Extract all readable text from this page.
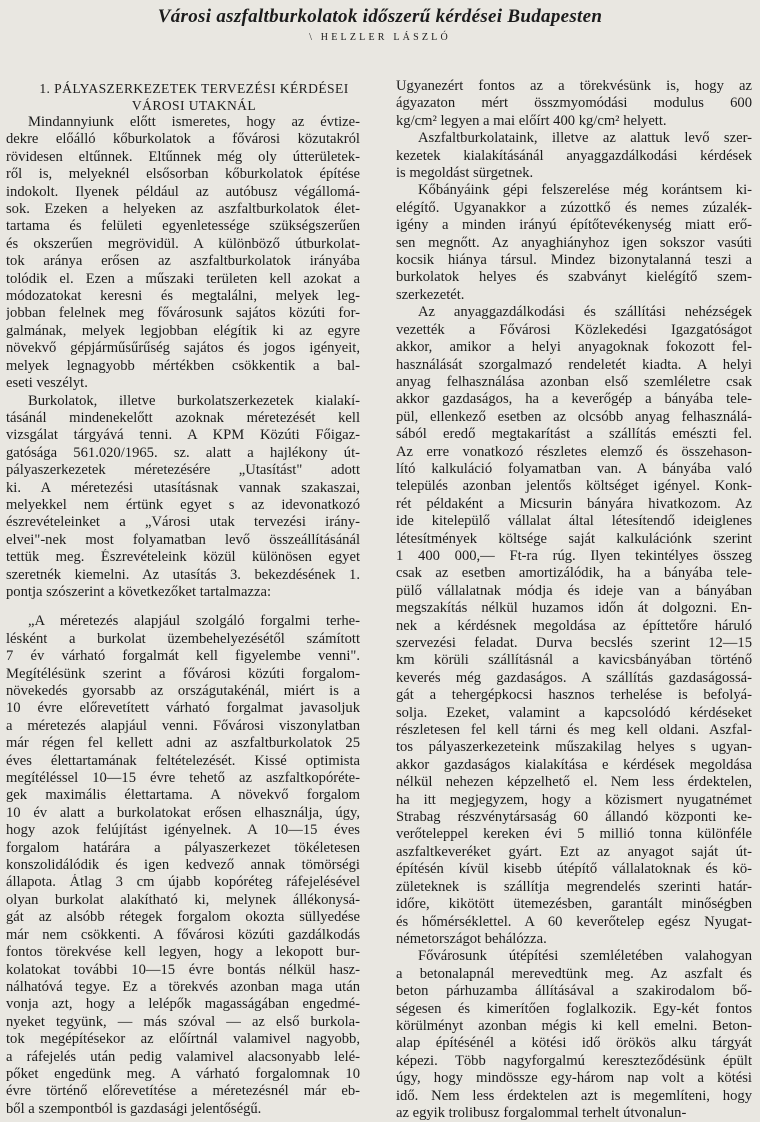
Városi aszfaltburkolatok időszerű kérdései Budapesten
\ HELZLER LÁSZLÓ

1. PÁLYASZERKEZETEK TERVEZÉSI KÉRDÉSEI
VÁROSI UTAKNÁL

Mindannyiunk előtt ismeretes, hogy az évtize-
dekre előálló kőburkolatok a fővárosi közutakról
rövidesen eltűnnek. Eltűnnek még oly útterületek-
ről is, melyeknél elsősorban kőburkolatok építése
indokolt. Ilyenek például az autóbusz végállomá-
sok. Ezeken a helyeken az aszfaltburkolatok élet-
tartama és felületi egyenletessége szükségszerűen
és okszerűen megrövidül. A különböző útburkolat-
tok aránya erősen az aszfaltburkolatok irányába
tolódik el. Ezen a műszaki területen kell azokat a
módozatokat keresni és megtalálni, melyek leg-
jobban felelnek meg fővárosunk sajátos közúti for-
galmának, melyek legjobban elégítik ki az egyre
növekvő gépjárműsűrűség sajátos és jogos igényeit,
melyek legnagyobb mértékben csökkentik a bal-
eseti veszélyt.

Burkolatok, illetve burkolatszerkezetek kialakí-
tásánál mindenekelőtt azoknak méretezését kell
vizsgálat tárgyává tenni. A KPM Közúti Főigaz-
gatósága 561.020/1965. sz. alatt a hajlékony út-
pályaszerkezetek méretezésére „Utasítást" adott
ki. A méretezési utasításnak vannak szakaszai,
melyekkel nem értünk egyet s az idevonatkozó
észrevételeinket a „Városi utak tervezési irány-
elvei"-nek most folyamatban levő összeállításánál
tettük meg. Észrevételeink közül különösen egyet
szeretnék kiemelni. Az utasítás 3. bekezdésének 1.
pontja szószerint a következőket tartalmazza:

„A méretezés alapjául szolgáló forgalmi terhe-
lésként a burkolat üzembehelyezésétől számított
7 év várható forgalmát kell figyelembe venni".
Megítélésünk szerint a fővárosi közúti forgalom-
növekedés gyorsabb az országutakénál, miért is a
10 évre előrevetített várható forgalmat javasoljuk
a méretezés alapjául venni. Fővárosi viszonylatban
már régen fel kellett adni az aszfaltburkolatok 25
éves élettartamának feltételezését. Kissé optimista
megítéléssel 10—15 évre tehető az aszfaltkopóréte-
gek maximális élettartama. A növekvő forgalom
10 év alatt a burkolatokat erősen elhasználja, úgy,
hogy azok felújítást igényelnek. A 10—15 éves
forgalom határára a pályaszerkezet tökéletesen
konszolidálódik és igen kedvező annak tömörségi
állapota. Átlag 3 cm újabb kopóréteg ráfejelésével
olyan burkolat alakítható ki, melynek állékonysá-
gát az alsóbb rétegek forgalom okozta süllyedése
már nem csökkenti. A fővárosi közúti gazdálkodás
fontos törekvése kell legyen, hogy a lekopott bur-
kolatokat további 10—15 évre bontás nélkül hasz-
nálhatóvá tegye. Ez a törekvés azonban maga után
vonja azt, hogy a lelépők magasságában engedmé-
nyeket tegyünk, — más szóval — az első burkola-
tok megépítésekor az előírtnál valamivel nagyobb,
a ráfejelés után pedig valamivel alacsonyabb lelé-
pőket engedünk meg. A várható forgalomnak 10
évre történő előrevetítése a méretezésnél már eb-
ből a szempontból is gazdasági jelentőségű.

Ugyanezért fontos az a törekvésünk is, hogy az
ágyazaton mért összmyomódási modulus 600
kg/cm² legyen a mai előírt 400 kg/cm² helyett.

Aszfaltburkolataink, illetve az alattuk levő szer-
kezetek kialakításánál anyaggazdálkodási kérdések
is megoldást sürgetnek.

Kőbányáink gépi felszerelése még korántsem ki-
elégítő. Ugyanakkor a zúzottkő és nemes zúzalék-
igény a minden irányú építőtevékenység miatt erő-
sen megnőtt. Az anyaghiányhoz igen sokszor vasúti
kocsik hiánya társul. Mindez bizonytalanná teszi a
burkolatok helyes és szabványt kielégítő szem-
szerkezetét.

Az anyaggazdálkodási és szállítási nehézségek
vezették a Fővárosi Közlekedési Igazgatóságot
akkor, amikor a helyi anyagoknak fokozott fel-
használását szorgalmazó rendeletét kiadta. A helyi
anyag felhasználása azonban első szemléletre csak
akkor gazdaságos, ha a keverőgép a bányába tele-
pül, ellenkező esetben az olcsóbb anyag felhasználá-
sából eredő megtakarítást a szállítás emészti fel.
Az erre vonatkozó részletes elemző és összehason-
lító kalkuláció folyamatban van. A bányába való
település azonban jelentős költséget igényel. Konk-
rét példaként a Micsurin bányára hivatkozom. Az
ide kitelepülő vállalat által létesítendő ideiglenes
létesítmények költsége saját kalkulációnk szerint
1 400 000,— Ft-ra rúg. Ilyen tekintélyes összeg
csak az esetben amortizálódik, ha a bányába tele-
pülő vállalatnak módja és ideje van a bányában
megszakítás nélkül huzamos időn át dolgozni. En-
nek a kérdésnek megoldása az építtetőre háruló
szervezési feladat. Durva becslés szerint 12—15
km körüli szállításnál a kavicsbányában történő
keverés még gazdaságos. A szállítás gazdaságossá-
gát a tehergépkocsi hasznos terhelése is befolyá-
solja. Ezeket, valamint a kapcsolódó kérdéseket
részletesen fel kell tárni és meg kell oldani. Aszfal-
tos pályaszerkezeteink műszakilag helyes s ugyan-
akkor gazdaságos kialakítása e kérdések megoldása
nélkül nehezen képzelhető el. Nem less érdektelen,
ha itt megjegyzem, hogy a közismert nyugatnémet
Strabag részvénytársaság 60 állandó központi ke-
verőteleppel kereken évi 5 millió tonna különféle
aszfaltkeveréket gyárt. Ezt az anyagot saját út-
építésén kívül kisebb útépítő vállalatoknak és kö-
zületeknek is szállítja megrendelés szerinti határ-
időre, kikötött ütemezésben, garantált minőségben
és hőmérséklettel. A 60 keverőtelep egész Nyugat-
németországot behálózza.

Fővárosunk útépítési szemléletében valahogyan
a betonalapnál merevedtünk meg. Az aszfalt és
beton párhuzamba állításával a szakirodalom bő-
ségesen és kimerítően foglalkozik. Egy-két fontos
körülményt azonban mégis ki kell emelni. Beton-
alap építésénél a kötési idő örökös alku tárgyát
képezi. Több nagyforgalmú kereszteződésünk épült
úgy, hogy mindössze egy-három nap volt a kötési
idő. Nem less érdektelen azt is megemlíteni, hogy
az egyik trolibusz forgalommal terhelt útvonalun-
